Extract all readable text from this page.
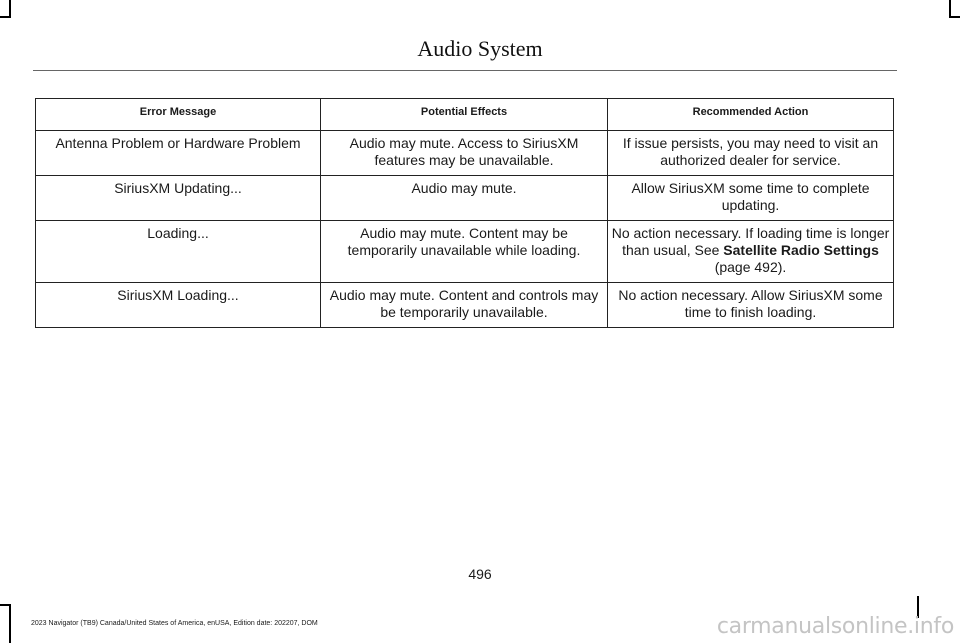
Audio System
Error Message	Potential Effects	Recommended Action
Antenna Problem or Hardware Problem	Audio may mute. Access to SiriusXM features may be unavailable.	If issue persists, you may need to visit an authorized dealer for service.
SiriusXM Updating...	Audio may mute.	Allow SiriusXM some time to complete updating.
Loading...	Audio may mute. Content may be temporarily unavailable while loading.	No action necessary. If loading time is longer than usual, See Satellite Radio Settings (page 492).
SiriusXM Loading...	Audio may mute. Content and controls may be temporarily unavailable.	No action necessary. Allow SiriusXM some time to finish loading.
496
2023 Navigator (TB9) Canada/United States of America, enUSA, Edition date: 202207, DOM	carmanualsonline.info
